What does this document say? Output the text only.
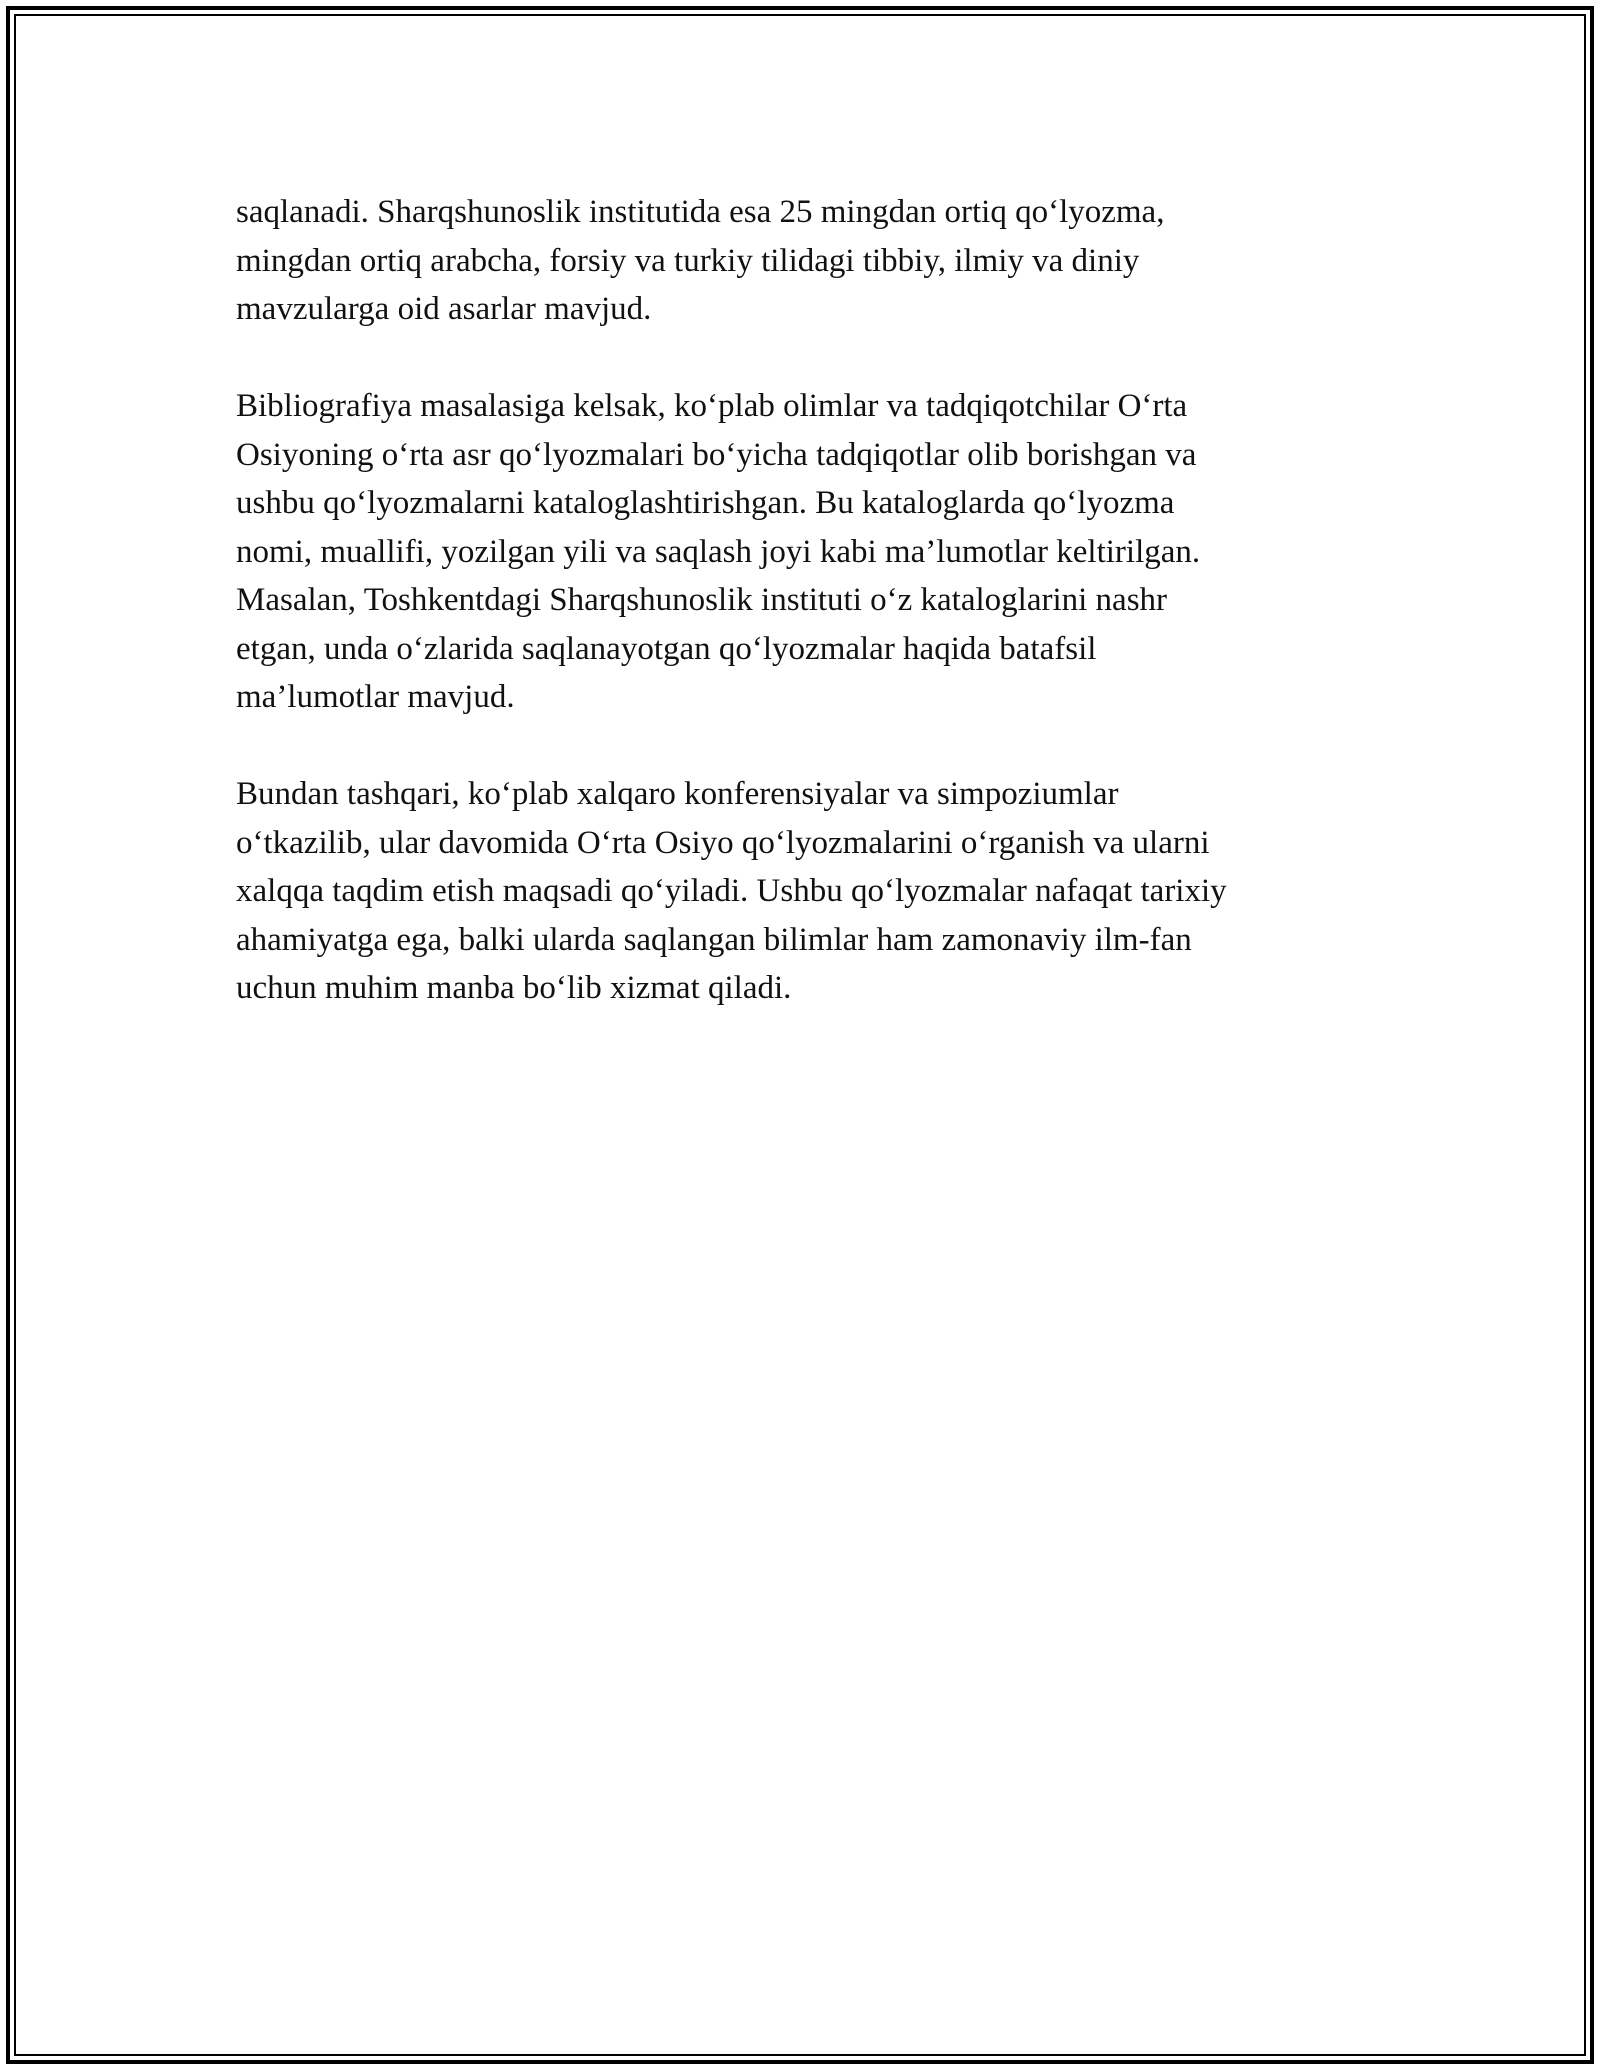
saqlanadi. Sharqshunoslik institutida esa 25 mingdan ortiq qo‘lyozma,
mingdan ortiq arabcha, forsiy va turkiy tilidagi tibbiy, ilmiy va diniy
mavzularga oid asarlar mavjud.

Bibliografiya masalasiga kelsak, ko‘plab olimlar va tadqiqotchilar O‘rta
Osiyoning o‘rta asr qo‘lyozmalari bo‘yicha tadqiqotlar olib borishgan va
ushbu qo‘lyozmalarni kataloglashtirishgan. Bu kataloglarda qo‘lyozma
nomi, muallifi, yozilgan yili va saqlash joyi kabi ma’lumotlar keltirilgan.
Masalan, Toshkentdagi Sharqshunoslik instituti o‘z kataloglarini nashr
etgan, unda o‘zlarida saqlanayotgan qo‘lyozmalar haqida batafsil
ma’lumotlar mavjud.

Bundan tashqari, ko‘plab xalqaro konferensiyalar va simpoziumlar
o‘tkazilib, ular davomida O‘rta Osiyo qo‘lyozmalarini o‘rganish va ularni
xalqqa taqdim etish maqsadi qo‘yiladi. Ushbu qo‘lyozmalar nafaqat tarixiy
ahamiyatga ega, balki ularda saqlangan bilimlar ham zamonaviy ilm-fan
uchun muhim manba bo‘lib xizmat qiladi.
